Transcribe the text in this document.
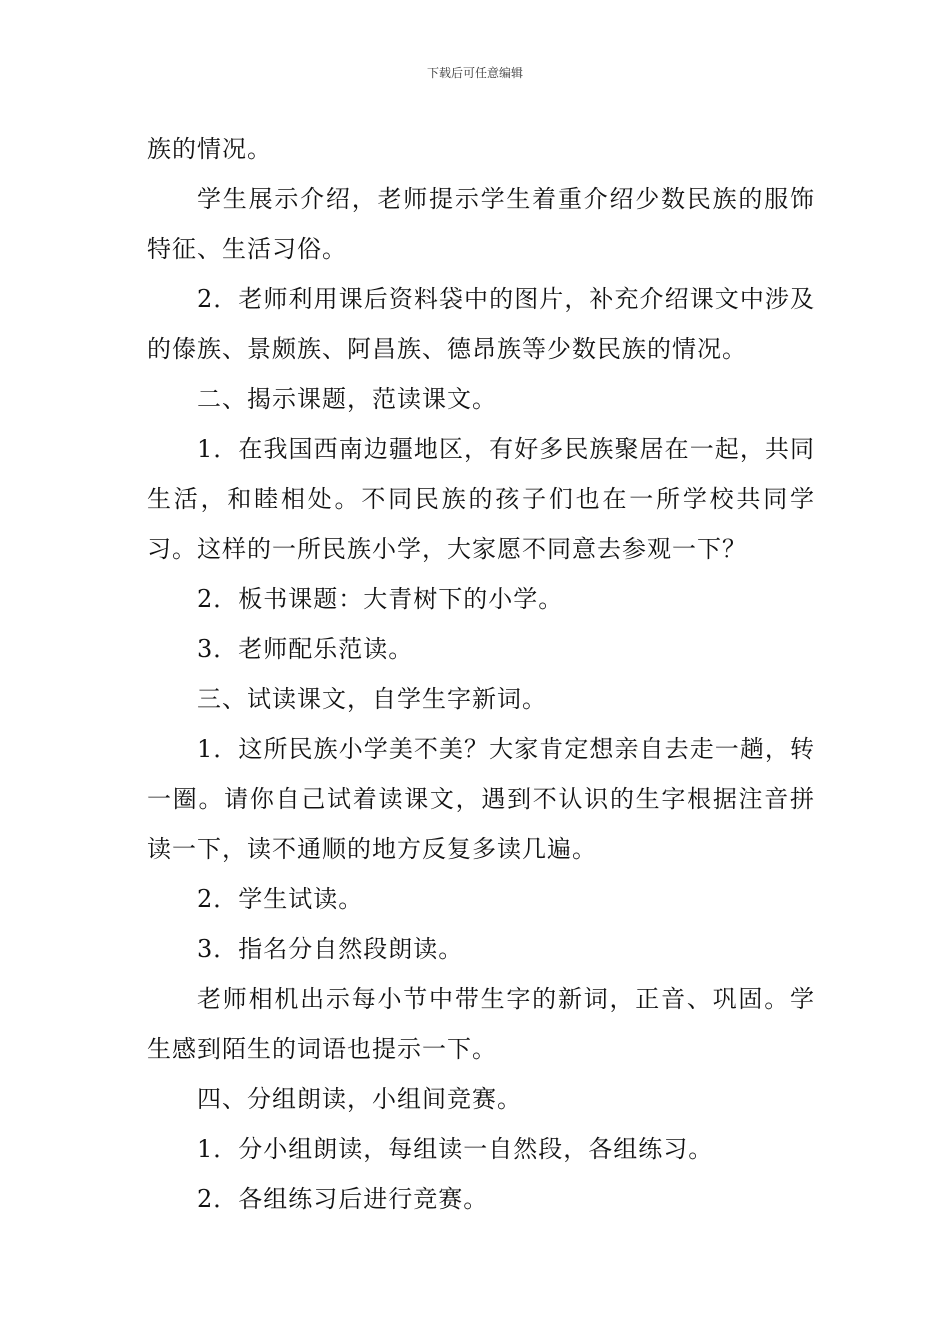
下载后可任意编辑

族的情况。

学生展示介绍，老师提示学生着重介绍少数民族的服饰特征、生活习俗。

2．老师利用课后资料袋中的图片，补充介绍课文中涉及的傣族、景颇族、阿昌族、德昂族等少数民族的情况。

二、揭示课题，范读课文。

1．在我国西南边疆地区，有好多民族聚居在一起，共同生活，和睦相处。不同民族的孩子们也在一所学校共同学习。这样的一所民族小学，大家愿不同意去参观一下？

2．板书课题：大青树下的小学。

3．老师配乐范读。

三、试读课文，自学生字新词。

1．这所民族小学美不美？大家肯定想亲自去走一趟，转一圈。请你自己试着读课文，遇到不认识的生字根据注音拼读一下，读不通顺的地方反复多读几遍。

2．学生试读。

3．指名分自然段朗读。

老师相机出示每小节中带生字的新词，正音、巩固。学生感到陌生的词语也提示一下。

四、分组朗读，小组间竞赛。

1．分小组朗读，每组读一自然段，各组练习。

2．各组练习后进行竞赛。
